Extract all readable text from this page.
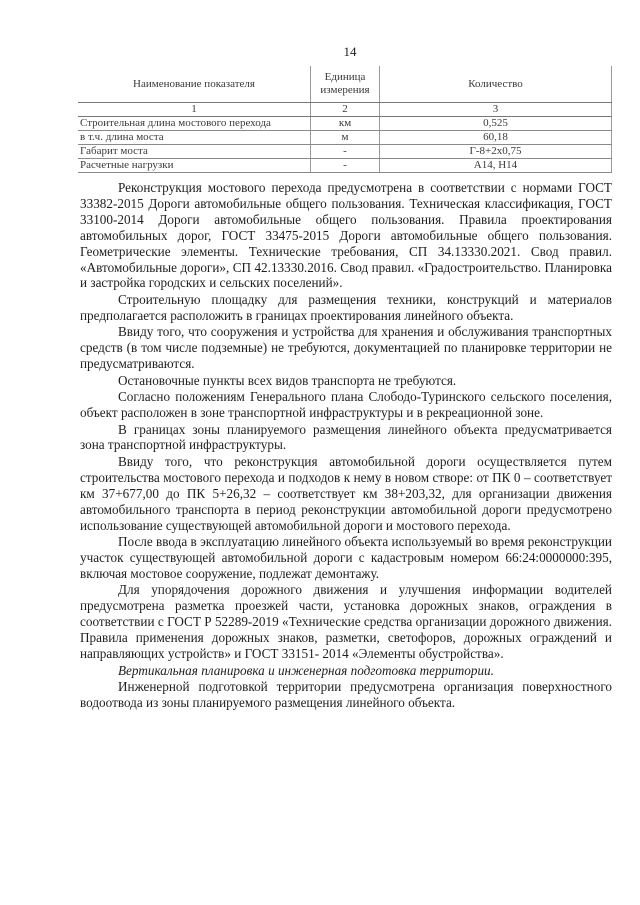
14
Наименование показателя	Единица измерения	Количество
1	2	3
Строительная длина мостового перехода	км	0,525
в т.ч. длина моста	м	60,18
Габарит моста	-	Г-8+2х0,75
Расчетные нагрузки	-	А14, Н14

Реконструкция мостового перехода предусмотрена в соответствии с нормами ГОСТ 33382-2015 Дороги автомобильные общего пользования. Техническая классификация, ГОСТ 33100-2014 Дороги автомобильные общего пользования. Правила проектирования автомобильных дорог, ГОСТ 33475-2015 Дороги автомобильные общего пользования. Геометрические элементы. Технические требования, СП 34.13330.2021. Свод правил. «Автомобильные дороги», СП 42.13330.2016. Свод правил. «Градостроительство. Планировка и застройка городских и сельских поселений».

Строительную площадку для размещения техники, конструкций и материалов предполагается расположить в границах проектирования линейного объекта.

Ввиду того, что сооружения и устройства для хранения и обслуживания транспортных средств (в том числе подземные) не требуются, документацией по планировке территории не предусматриваются.

Остановочные пункты всех видов транспорта не требуются.

Согласно положениям Генерального плана Слободо-Туринского сельского поселения, объект расположен в зоне транспортной инфраструктуры и в рекреационной зоне.

В границах зоны планируемого размещения линейного объекта предусматривается зона транспортной инфраструктуры.

Ввиду того, что реконструкция автомобильной дороги осуществляется путем строительства мостового перехода и подходов к нему в новом створе: от ПК 0 – соответствует км 37+677,00 до ПК 5+26,32 – соответствует км 38+203,32, для организации движения автомобильного транспорта в период реконструкции автомобильной дороги предусмотрено использование существующей автомобильной дороги и мостового перехода.

После ввода в эксплуатацию линейного объекта используемый во время реконструкции участок существующей автомобильной дороги с кадастровым номером 66:24:0000000:395, включая мостовое сооружение, подлежат демонтажу.

Для упорядочения дорожного движения и улучшения информации водителей предусмотрена разметка проезжей части, установка дорожных знаков, ограждения в соответствии с ГОСТ Р 52289-2019 «Технические средства организации дорожного движения. Правила применения дорожных знаков, разметки, светофоров, дорожных ограждений и направляющих устройств» и ГОСТ 33151- 2014 «Элементы обустройства».

Вертикальная планировка и инженерная подготовка территории.

Инженерной подготовкой территории предусмотрена организация поверхностного водоотвода из зоны планируемого размещения линейного объекта.
